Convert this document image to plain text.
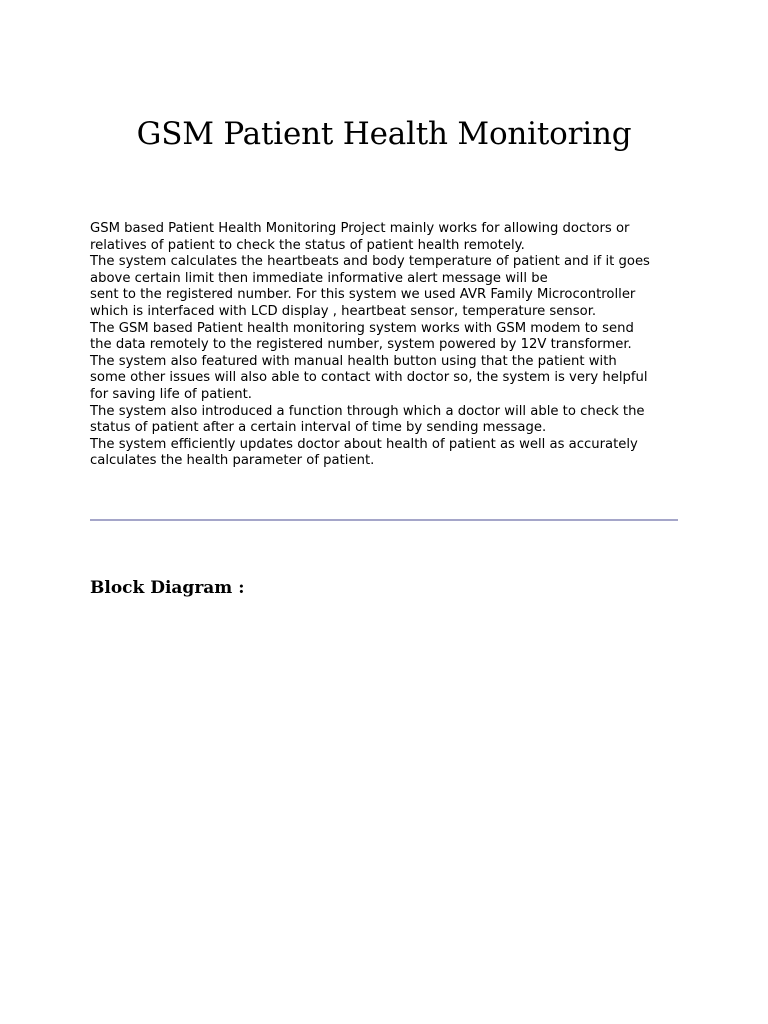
GSM Patient Health Monitoring
GSM based Patient Health Monitoring Project mainly works for allowing doctors or
relatives of patient to check the status of patient health remotely.
The system calculates the heartbeats and body temperature of patient and if it goes
above certain limit then immediate informative alert message will be
sent to the registered number. For this system we used AVR Family Microcontroller
which is interfaced with LCD display , heartbeat sensor, temperature sensor.
The GSM based Patient health monitoring system works with GSM modem to send
the data remotely to the registered number, system powered by 12V transformer.
The system also featured with manual health button using that the patient with
some other issues will also able to contact with doctor so, the system is very helpful
for saving life of patient.
The system also introduced a function through which a doctor will able to check the
status of patient after a certain interval of time by sending message.
The system efficiently updates doctor about health of patient as well as accurately
calculates the health parameter of patient.
Block Diagram :
